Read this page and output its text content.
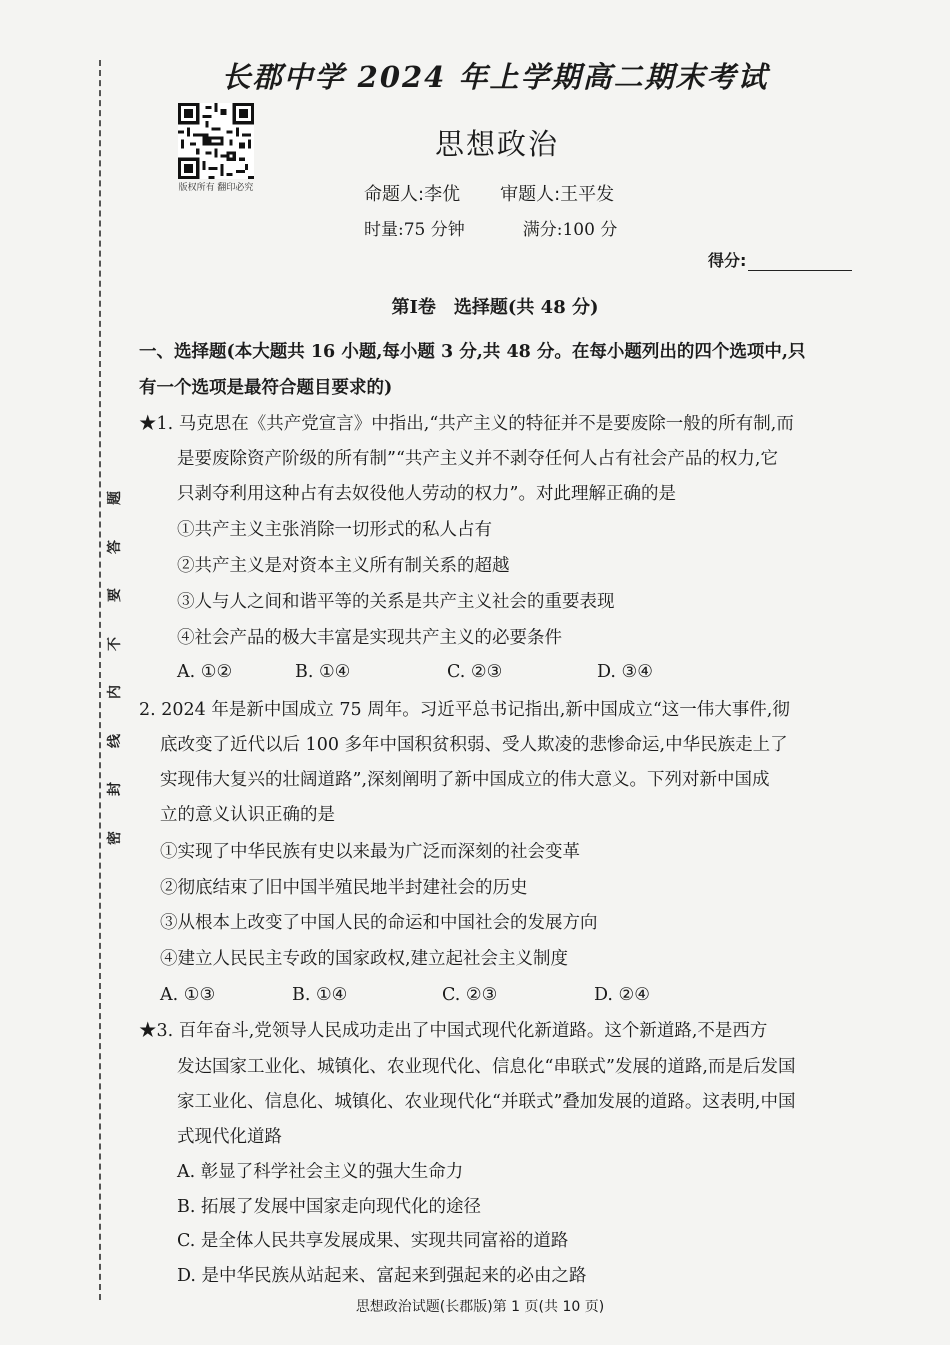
题
答
要
不
内
线
封
密
长郡中学 2024 年上学期高二期末考试
版权所有 翻印必究
思想政治
命题人:李优 审题人:王平发
时量:75 分钟	满分:100 分
得分:
第Ⅰ卷 选择题(共 48 分)
一、选择题(本大题共 16 小题,每小题 3 分,共 48 分。在每小题列出的四个选项中,只
有一个选项是最符合题目要求的)
★1. 马克思在《共产党宣言》中指出,“共产主义的特征并不是要废除一般的所有制,而
是要废除资产阶级的所有制”“共产主义并不剥夺任何人占有社会产品的权力,它
只剥夺利用这种占有去奴役他人劳动的权力”。对此理解正确的是
①共产主义主张消除一切形式的私人占有
②共产主义是对资本主义所有制关系的超越
③人与人之间和谐平等的关系是共产主义社会的重要表现
④社会产品的极大丰富是实现共产主义的必要条件
A. ①②	B. ①④	C. ②③	D. ③④
2. 2024 年是新中国成立 75 周年。习近平总书记指出,新中国成立“这一伟大事件,彻
底改变了近代以后 100 多年中国积贫积弱、受人欺凌的悲惨命运,中华民族走上了
实现伟大复兴的壮阔道路”,深刻阐明了新中国成立的伟大意义。下列对新中国成
立的意义认识正确的是
①实现了中华民族有史以来最为广泛而深刻的社会变革
②彻底结束了旧中国半殖民地半封建社会的历史
③从根本上改变了中国人民的命运和中国社会的发展方向
④建立人民民主专政的国家政权,建立起社会主义制度
A. ①③	B. ①④	C. ②③	D. ②④
★3. 百年奋斗,党领导人民成功走出了中国式现代化新道路。这个新道路,不是西方
发达国家工业化、城镇化、农业现代化、信息化“串联式”发展的道路,而是后发国
家工业化、信息化、城镇化、农业现代化“并联式”叠加发展的道路。这表明,中国
式现代化道路
A. 彰显了科学社会主义的强大生命力
B. 拓展了发展中国家走向现代化的途径
C. 是全体人民共享发展成果、实现共同富裕的道路
D. 是中华民族从站起来、富起来到强起来的必由之路
思想政治试题(长郡版)第 1 页(共 10 页)
